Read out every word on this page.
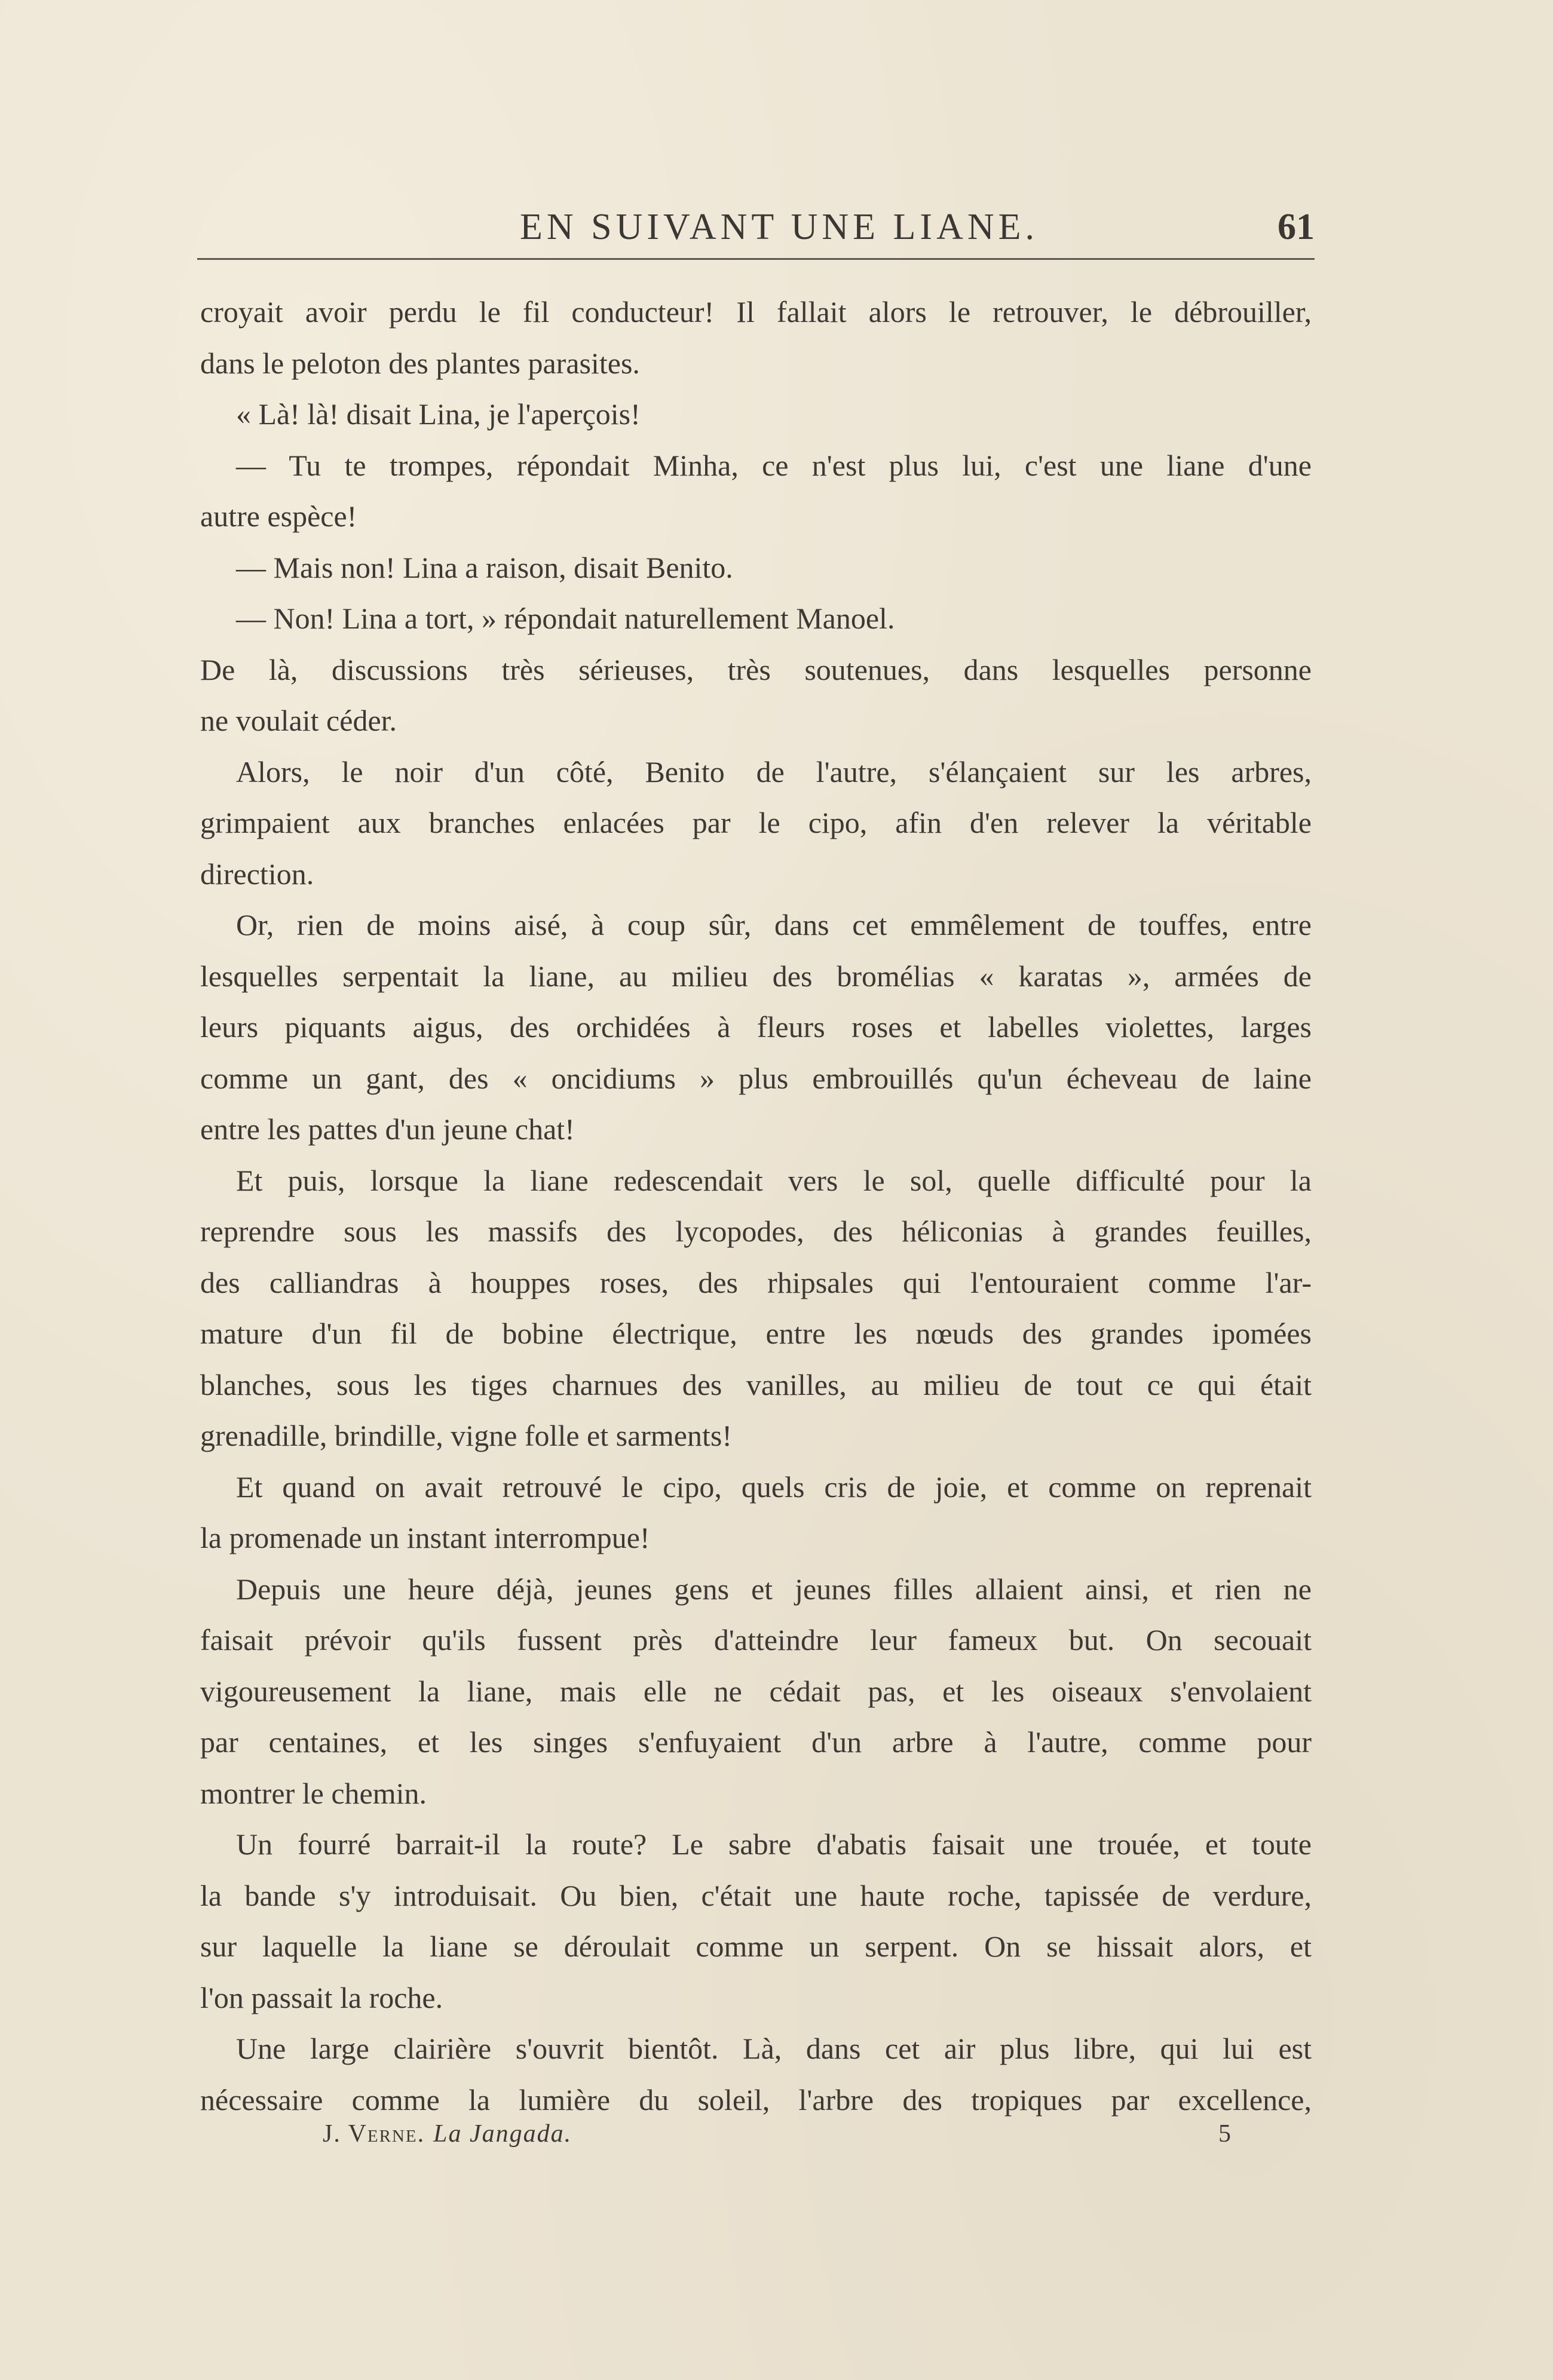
EN SUIVANT UNE LIANE.	61
croyait avoir perdu le fil conducteur! Il fallait alors le retrouver, le débrouiller,
dans le peloton des plantes parasites.
« Là! là! disait Lina, je l'aperçois!
— Tu te trompes, répondait Minha, ce n'est plus lui, c'est une liane d'une
autre espèce!
— Mais non! Lina a raison, disait Benito.
— Non! Lina a tort, » répondait naturellement Manoel.
De là, discussions très sérieuses, très soutenues, dans lesquelles personne
ne voulait céder.
Alors, le noir d'un côté, Benito de l'autre, s'élançaient sur les arbres,
grimpaient aux branches enlacées par le cipo, afin d'en relever la véritable
direction.
Or, rien de moins aisé, à coup sûr, dans cet emmêlement de touffes, entre
lesquelles serpentait la liane, au milieu des bromélias « karatas », armées de
leurs piquants aigus, des orchidées à fleurs roses et labelles violettes, larges
comme un gant, des « oncidiums » plus embrouillés qu'un écheveau de laine
entre les pattes d'un jeune chat!
Et puis, lorsque la liane redescendait vers le sol, quelle difficulté pour la
reprendre sous les massifs des lycopodes, des héliconias à grandes feuilles,
des calliandras à houppes roses, des rhipsales qui l'entouraient comme l'ar-
mature d'un fil de bobine électrique, entre les nœuds des grandes ipomées
blanches, sous les tiges charnues des vanilles, au milieu de tout ce qui était
grenadille, brindille, vigne folle et sarments!
Et quand on avait retrouvé le cipo, quels cris de joie, et comme on reprenait
la promenade un instant interrompue!
Depuis une heure déjà, jeunes gens et jeunes filles allaient ainsi, et rien ne
faisait prévoir qu'ils fussent près d'atteindre leur fameux but. On secouait
vigoureusement la liane, mais elle ne cédait pas, et les oiseaux s'envolaient
par centaines, et les singes s'enfuyaient d'un arbre à l'autre, comme pour
montrer le chemin.
Un fourré barrait-il la route? Le sabre d'abatis faisait une trouée, et toute
la bande s'y introduisait. Ou bien, c'était une haute roche, tapissée de verdure,
sur laquelle la liane se déroulait comme un serpent. On se hissait alors, et
l'on passait la roche.
Une large clairière s'ouvrit bientôt. Là, dans cet air plus libre, qui lui est
nécessaire comme la lumière du soleil, l'arbre des tropiques par excellence,
J. Verne. La Jangada.	5
